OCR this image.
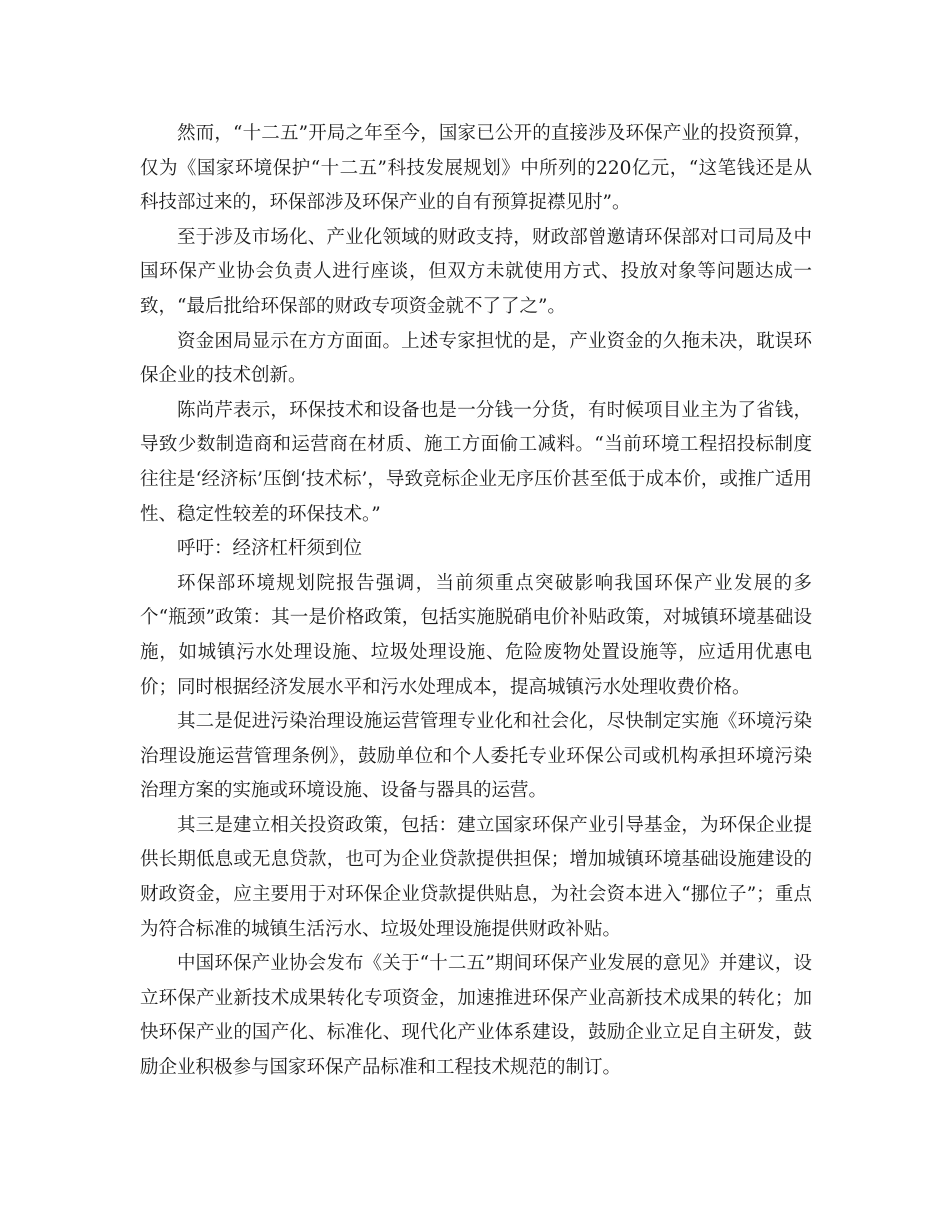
然而，“十二五”开局之年至今，国家已公开的直接涉及环保产业的投资预算，仅为《国家环境保护“十二五”科技发展规划》中所列的220亿元，“这笔钱还是从科技部过来的，环保部涉及环保产业的自有预算捉襟见肘”。

至于涉及市场化、产业化领域的财政支持，财政部曾邀请环保部对口司局及中国环保产业协会负责人进行座谈，但双方未就使用方式、投放对象等问题达成一致，“最后批给环保部的财政专项资金就不了了之”。

资金困局显示在方方面面。上述专家担忧的是，产业资金的久拖未决，耽误环保企业的技术创新。

陈尚芹表示，环保技术和设备也是一分钱一分货，有时候项目业主为了省钱，导致少数制造商和运营商在材质、施工方面偷工减料。“当前环境工程招投标制度往往是‘经济标’压倒‘技术标’，导致竞标企业无序压价甚至低于成本价，或推广适用性、稳定性较差的环保技术。”

呼吁：经济杠杆须到位

环保部环境规划院报告强调，当前须重点突破影响我国环保产业发展的多个“瓶颈”政策：其一是价格政策，包括实施脱硝电价补贴政策，对城镇环境基础设施，如城镇污水处理设施、垃圾处理设施、危险废物处置设施等，应适用优惠电价；同时根据经济发展水平和污水处理成本，提高城镇污水处理收费价格。

其二是促进污染治理设施运营管理专业化和社会化，尽快制定实施《环境污染治理设施运营管理条例》，鼓励单位和个人委托专业环保公司或机构承担环境污染治理方案的实施或环境设施、设备与器具的运营。

其三是建立相关投资政策，包括：建立国家环保产业引导基金，为环保企业提供长期低息或无息贷款，也可为企业贷款提供担保；增加城镇环境基础设施建设的财政资金，应主要用于对环保企业贷款提供贴息，为社会资本进入“挪位子”；重点为符合标准的城镇生活污水、垃圾处理设施提供财政补贴。

中国环保产业协会发布《关于“十二五”期间环保产业发展的意见》并建议，设立环保产业新技术成果转化专项资金，加速推进环保产业高新技术成果的转化；加快环保产业的国产化、标准化、现代化产业体系建设，鼓励企业立足自主研发，鼓励企业积极参与国家环保产品标准和工程技术规范的制订。
